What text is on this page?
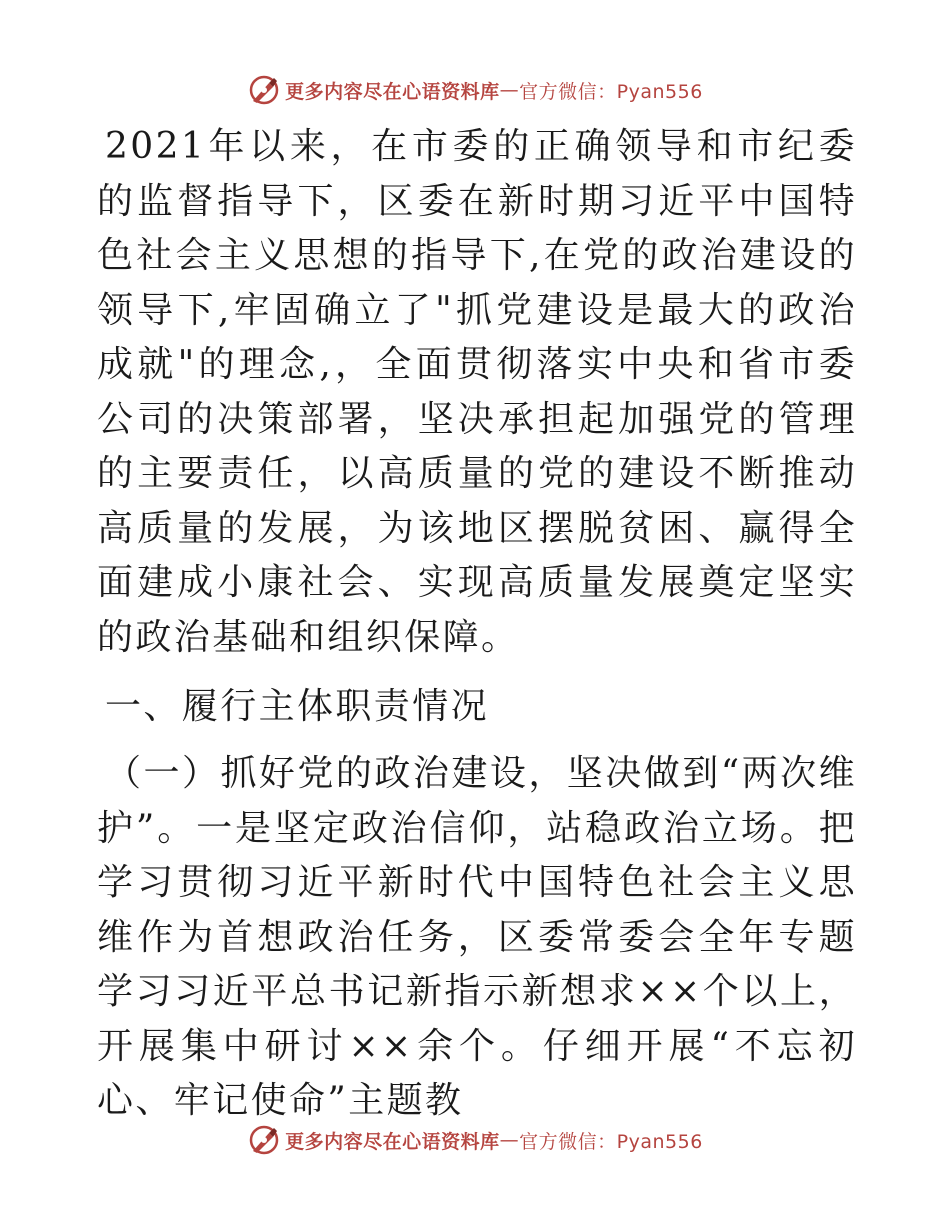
更多内容尽在心语资料库 — 官方微信：Pyan556

2021年以来，在市委的正确领导和市纪委的监督指导下，区委在新时期习近平中国特色社会主义思想的指导下,在党的政治建设的领导下,牢固确立了"抓党建设是最大的政治成就"的理念,，全面贯彻落实中央和省市委公司的决策部署，坚决承担起加强党的管理的主要责任，以高质量的党的建设不断推动高质量的发展，为该地区摆脱贫困、赢得全面建成小康社会、实现高质量发展奠定坚实的政治基础和组织保障。

一、履行主体职责情况

（一）抓好党的政治建设，坚决做到“两次维护”。一是坚定政治信仰，站稳政治立场。把学习贯彻习近平新时代中国特色社会主义思维作为首想政治任务，区委常委会全年专题学习习近平总书记新指示新想求××个以上，开展集中研讨××余个。仔细开展“不忘初心、牢记使命”主题教

更多内容尽在心语资料库 — 官方微信：Pyan556
